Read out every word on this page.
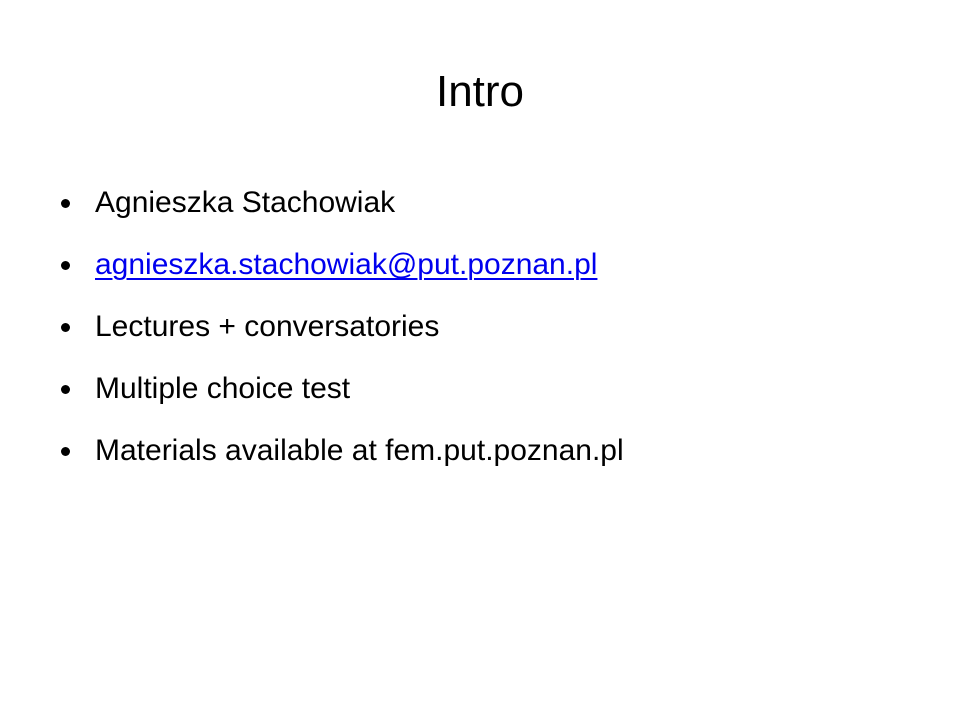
Intro
Agnieszka Stachowiak
agnieszka.stachowiak@put.poznan.pl
Lectures + conversatories
Multiple choice test
Materials available at fem.put.poznan.pl
